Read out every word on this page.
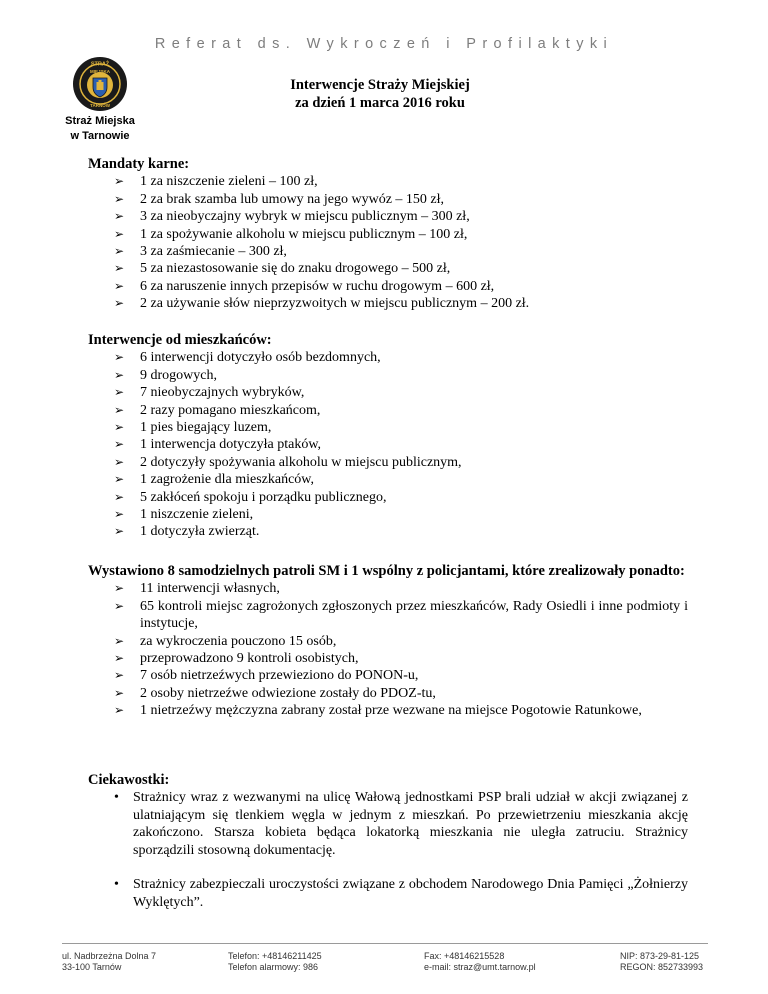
Referat ds. Wykroczeń i Profilaktyki
STRAŻ
MIEJSKA
TARNÓW
Straż Miejska
w Tarnowie
Interwencje Straży Miejskiej
za dzień 1 marca 2016 roku
Mandaty karne:
➢ 1 za niszczenie zieleni – 100 zł,
➢ 2 za brak szamba lub umowy na jego wywóz – 150 zł,
➢ 3 za nieobyczajny wybryk w miejscu publicznym – 300 zł,
➢ 1 za spożywanie alkoholu w miejscu publicznym – 100 zł,
➢ 3 za zaśmiecanie – 300 zł,
➢ 5 za niezastosowanie się do znaku drogowego – 500 zł,
➢ 6 za naruszenie innych przepisów w ruchu drogowym – 600 zł,
➢ 2 za używanie słów nieprzyzwoitych w miejscu publicznym – 200 zł.
Interwencje od mieszkańców:
➢ 6 interwencji dotyczyło osób bezdomnych,
➢ 9 drogowych,
➢ 7 nieobyczajnych wybryków,
➢ 2 razy pomagano mieszkańcom,
➢ 1 pies biegający luzem,
➢ 1 interwencja dotyczyła ptaków,
➢ 2 dotyczyły spożywania alkoholu w miejscu publicznym,
➢ 1 zagrożenie dla mieszkańców,
➢ 5 zakłóceń spokoju i porządku publicznego,
➢ 1 niszczenie zieleni,
➢ 1 dotyczyła zwierząt.
Wystawiono 8 samodzielnych patroli SM i 1 wspólny z policjantami, które zrealizowały ponadto:
➢ 11 interwencji własnych,
➢ 65 kontroli miejsc zagrożonych zgłoszonych przez mieszkańców, Rady Osiedli i inne podmioty i instytucje,
➢ za wykroczenia pouczono 15 osób,
➢ przeprowadzono 9 kontroli osobistych,
➢ 7 osób nietrzeźwych przewieziono do PONON-u,
➢ 2 osoby nietrzeźwe odwiezione zostały do PDOZ-tu,
➢ 1 nietrzeźwy mężczyzna zabrany został prze wezwane na miejsce Pogotowie Ratunkowe,
Ciekawostki:
• Strażnicy wraz z wezwanymi na ulicę Wałową jednostkami PSP brali udział w akcji związanej z ulatniającym się tlenkiem węgla w jednym z mieszkań. Po przewietrzeniu mieszkania akcję zakończono. Starsza kobieta będąca lokatorką mieszkania nie uległa zatruciu. Strażnicy sporządzili stosowną dokumentację.
• Strażnicy zabezpieczali uroczystości związane z obchodem Narodowego Dnia Pamięci „Żołnierzy Wyklętych”.
ul. Nadbrzeżna Dolna 7
33-100 Tarnów
Telefon: +48146211425
Telefon alarmowy: 986
Fax: +48146215528
e-mail: straz@umt.tarnow.pl
NIP: 873-29-81-125
REGON: 852733993
